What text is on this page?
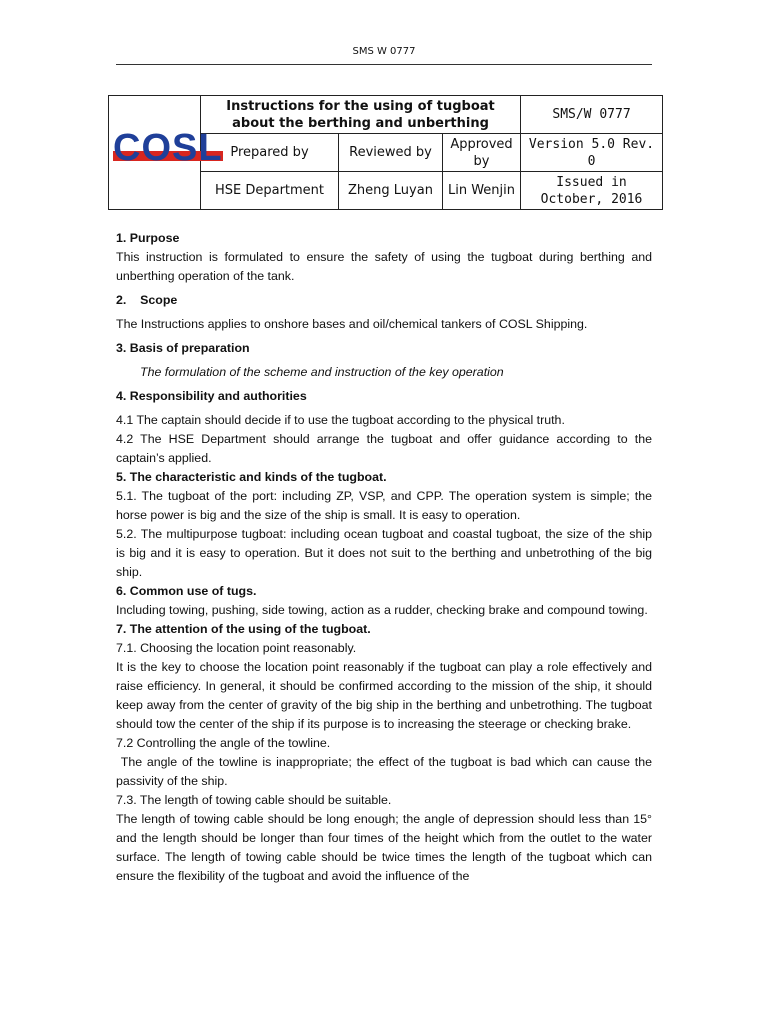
SMS W 0777
COSL	Instructions for the using of tugboat about the berthing and unberthing			SMS/W 0777
	Prepared by	Reviewed by	Approved by	Version 5.0 Rev. 0
	HSE Department	Zheng Luyan	Lin Wenjin	Issued in October, 2016

1. Purpose

This instruction is formulated to ensure the safety of using the tugboat during berthing and unberthing operation of the tank.

2.    Scope

The Instructions applies to onshore bases and oil/chemical tankers of COSL Shipping.

3. Basis of preparation

The formulation of the scheme and instruction of the key operation

4. Responsibility and authorities

4.1 The captain should decide if to use the tugboat according to the physical truth.

4.2 The HSE Department should arrange the tugboat and offer guidance according to the captain’s applied.

5. The characteristic and kinds of the tugboat.

5.1. The tugboat of the port: including ZP, VSP, and CPP. The operation system is simple; the horse power is big and the size of the ship is small. It is easy to operation.

5.2. The multipurpose tugboat: including ocean tugboat and coastal tugboat, the size of the ship is big and it is easy to operation. But it does not suit to the berthing and unbetrothing of the big ship.

6. Common use of tugs.

Including towing, pushing, side towing, action as a rudder, checking brake and compound towing.

7. The attention of the using of the tugboat.

7.1. Choosing the location point reasonably.

It is the key to choose the location point reasonably if the tugboat can play a role effectively and raise efficiency. In general, it should be confirmed according to the mission of the ship, it should keep away from the center of gravity of the big ship in the berthing and unbetrothing. The tugboat should tow the center of the ship if its purpose is to increasing the steerage or checking brake.

7.2 Controlling the angle of the towline.

The angle of the towline is inappropriate; the effect of the tugboat is bad which can cause the passivity of the ship.

7.3. The length of towing cable should be suitable.

The length of towing cable should be long enough; the angle of depression should less than 15° and the length should be longer than four times of the height which from the outlet to the water surface. The length of towing cable should be twice times the length of the tugboat which can ensure the flexibility of the tugboat and avoid the influence of the
